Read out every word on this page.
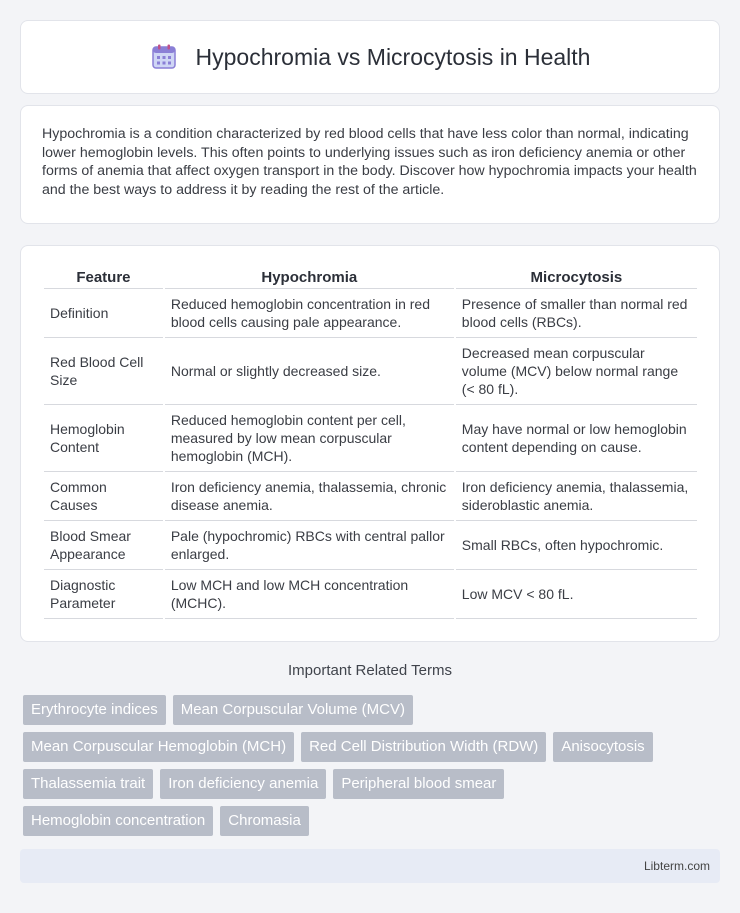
Hypochromia vs Microcytosis in Health

Hypochromia is a condition characterized by red blood cells that have less color than normal, indicating lower hemoglobin levels. This often points to underlying issues such as iron deficiency anemia or other forms of anemia that affect oxygen transport in the body. Discover how hypochromia impacts your health and the best ways to address it by reading the rest of the article.

Feature	Hypochromia	Microcytosis
Definition	Reduced hemoglobin concentration in red blood cells causing pale appearance.	Presence of smaller than normal red blood cells (RBCs).
Red Blood Cell Size	Normal or slightly decreased size.	Decreased mean corpuscular volume (MCV) below normal range (< 80 fL).
Hemoglobin Content	Reduced hemoglobin content per cell, measured by low mean corpuscular hemoglobin (MCH).	May have normal or low hemoglobin content depending on cause.
Common Causes	Iron deficiency anemia, thalassemia, chronic disease anemia.	Iron deficiency anemia, thalassemia, sideroblastic anemia.
Blood Smear Appearance	Pale (hypochromic) RBCs with central pallor enlarged.	Small RBCs, often hypochromic.
Diagnostic Parameter	Low MCH and low MCH concentration (MCHC).	Low MCV < 80 fL.
Important Related Terms
Erythrocyte indices	Mean Corpuscular Volume (MCV)
Mean Corpuscular Hemoglobin (MCH)	Red Cell Distribution Width (RDW)	Anisocytosis
Thalassemia trait	Iron deficiency anemia	Peripheral blood smear
Hemoglobin concentration	Chromasia
Libterm.com
